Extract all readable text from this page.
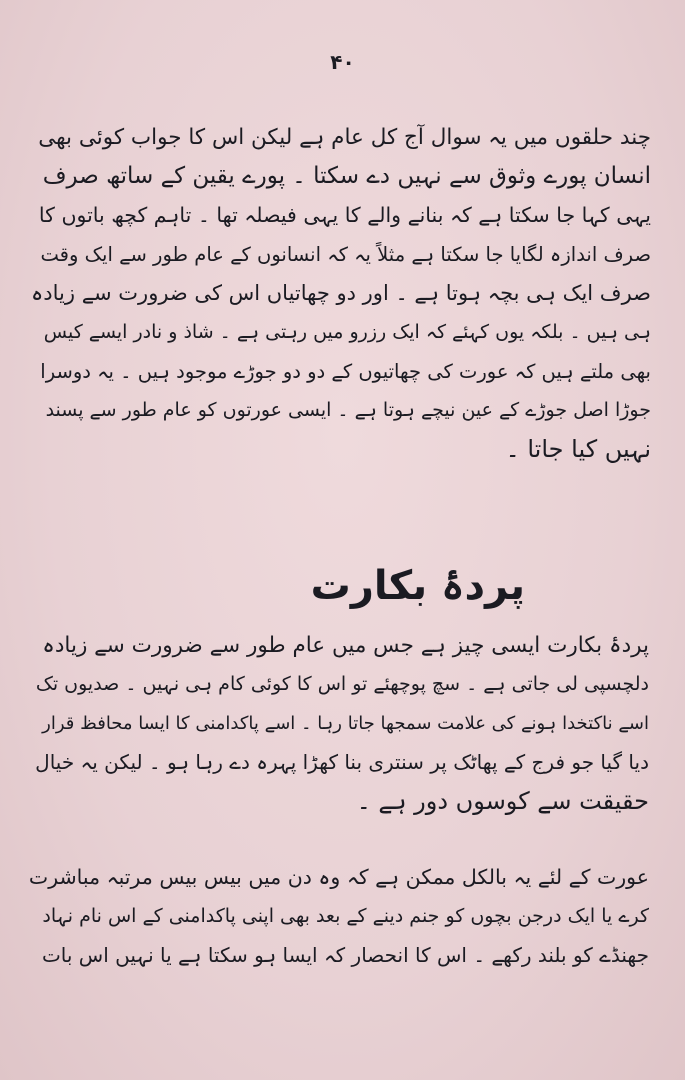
۴۰
چند حلقوں میں یہ سوال آج کل عام ہے لیکن اس کا جواب کوئی بھی
انسان پورے وثوق سے نہیں دے سکتا ۔ پورے یقین کے ساتھ صرف
یہی کہا جا سکتا ہے کہ بنانے والے کا یہی فیصلہ تھا ۔ تاہم کچھ باتوں کا
صرف اندازہ لگایا جا سکتا ہے مثلاً یہ کہ انسانوں کے عام طور سے ایک وقت
صرف ایک ہی بچہ ہوتا ہے ۔ اور دو چھاتیاں اس کی ضرورت سے زیادہ
ہی ہیں ۔ بلکہ یوں کہئے کہ ایک رزرو میں رہتی ہے ۔ شاذ و نادر ایسے کیس
بھی ملتے ہیں کہ عورت کی چھاتیوں کے دو دو جوڑے موجود ہیں ۔ یہ دوسرا
جوڑا اصل جوڑے کے عین نیچے ہوتا ہے ۔ ایسی عورتوں کو عام طور سے پسند
نہیں کیا جاتا ۔
پردۂ بکارت
پردۂ بکارت ایسی چیز ہے جس میں عام طور سے ضرورت سے زیادہ
دلچسپی لی جاتی ہے ۔ سچ پوچھئے تو اس کا کوئی کام ہی نہیں ۔ صدیوں تک
اسے ناکتخدا ہونے کی علامت سمجھا جاتا رہا ۔ اسے پاکدامنی کا ایسا محافظ قرار
دیا گیا جو فرج کے پھاٹک پر سنتری بنا کھڑا پہرہ دے رہا ہو ۔ لیکن یہ خیال
حقیقت سے کوسوں دور ہے ۔
عورت کے لئے یہ بالکل ممکن ہے کہ وہ دن میں بیس بیس مرتبہ مباشرت
کرے یا ایک درجن بچوں کو جنم دینے کے بعد بھی اپنی پاکدامنی کے اس نام نہاد
جھنڈے کو بلند رکھے ۔ اس کا انحصار کہ ایسا ہو سکتا ہے یا نہیں اس بات
